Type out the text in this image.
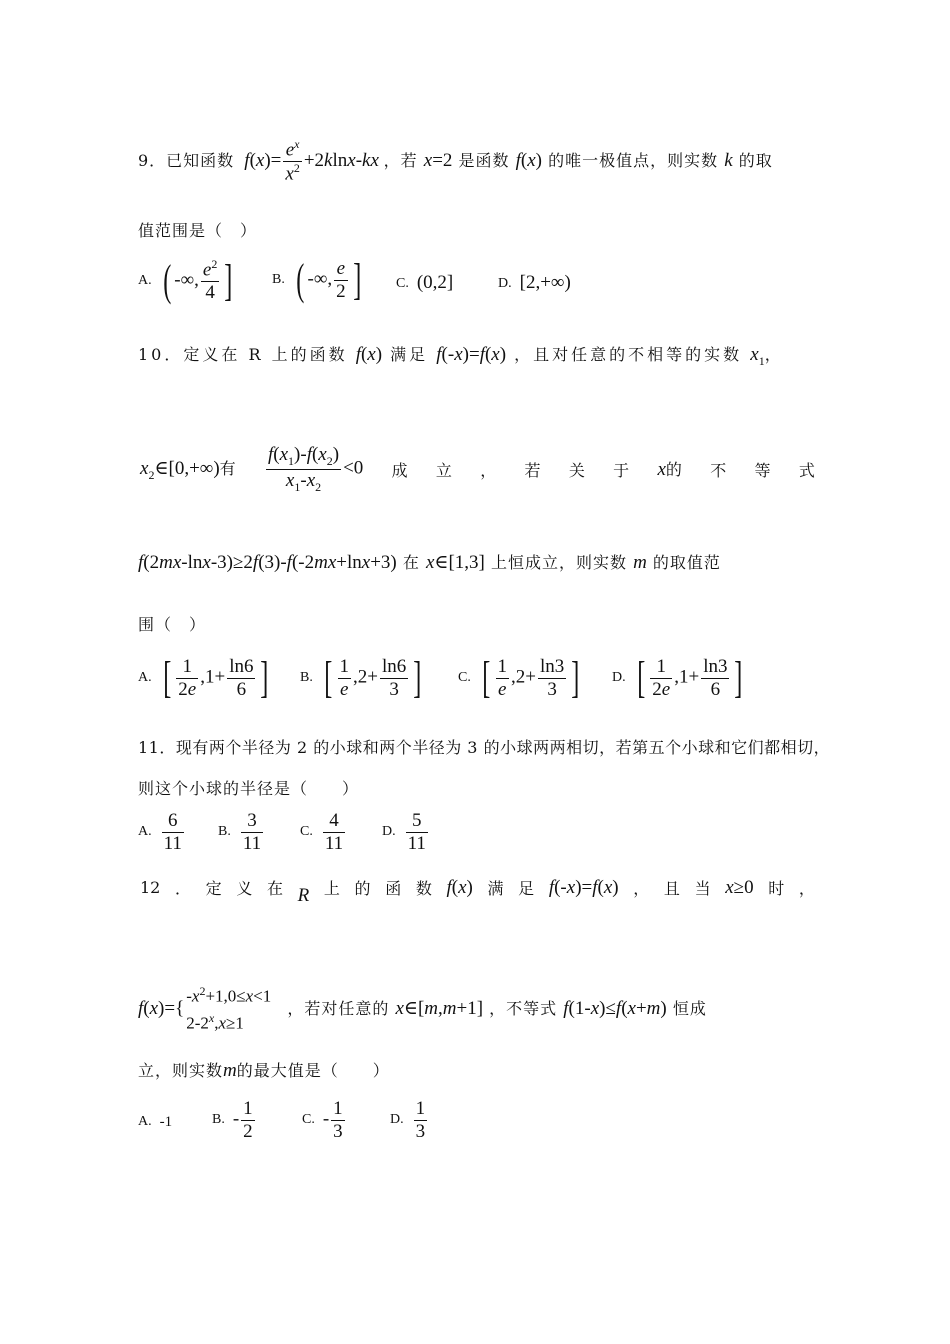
9．已知函数 $f(x)= \frac{e^x}{x^2} +2klnx-kx$ ，若 x=2 是函数 f(x) 的唯一极值点，则实数 k 的取
值范围是（　）
A. ( -∞, $\frac{e^2}{4}$ ]	B. ( -∞, $\frac{e}{2}$ ]	C. (0,2]	D. [2,+∞)
10．定义在 R 上的函数 f(x) 满足 f(-x)=f(x) ，且对任意的不相等的实数 $x_1$，
$x_2\in[0,+\infty)$有 $\frac{f(x_1)-f(x_2)}{x_1-x_2} <0$ 成 立 ， 若 关 于 x的 不 等 式
f(2mx-lnx-3)≥2f(3)-f(-2mx+lnx+3) 在 x∈[1,3] 上恒成立，则实数 m 的取值范
围（　）
A. [ $\frac{1}{2e} ,1+ \frac{\ln 6}{6}$ ] B. [ $\frac{1}{e} ,2+ \frac{\ln 6}{3}$ ]	C. [ $\frac{1}{e} ,2+ \frac{\ln 3}{3}$ ] D. [ $\frac{1}{2e} ,1+ \frac{\ln 3}{6}$ ]
11．现有两个半径为 2 的小球和两个半径为 3 的小球两两相切，若第五个小球和它们都相切，
则这个小球的半径是（　　）
A. $\frac{6}{11} B$. $\frac{3}{11}$	C. $\frac{4}{11}$	D. $\frac{5}{11}$
12 ． 定 义 在 R 上 的 函 数 f(x) 满 足 f(-x)=f(x) ， 且 当 x≥0 时 ，
f(x)={
$-x^2+1,0\le x<1$
$2-2^x,x\ge 1$
，若对任意的 x∈[m,m+1] ，不等式 f(1-x)≤f(x+m) 恒成
立，则实数m的最大值是（　　）
A. -1	B. - $\frac{1}{2}$	C. - $\frac{1}{3}$	D. $\frac{1}{3}$
